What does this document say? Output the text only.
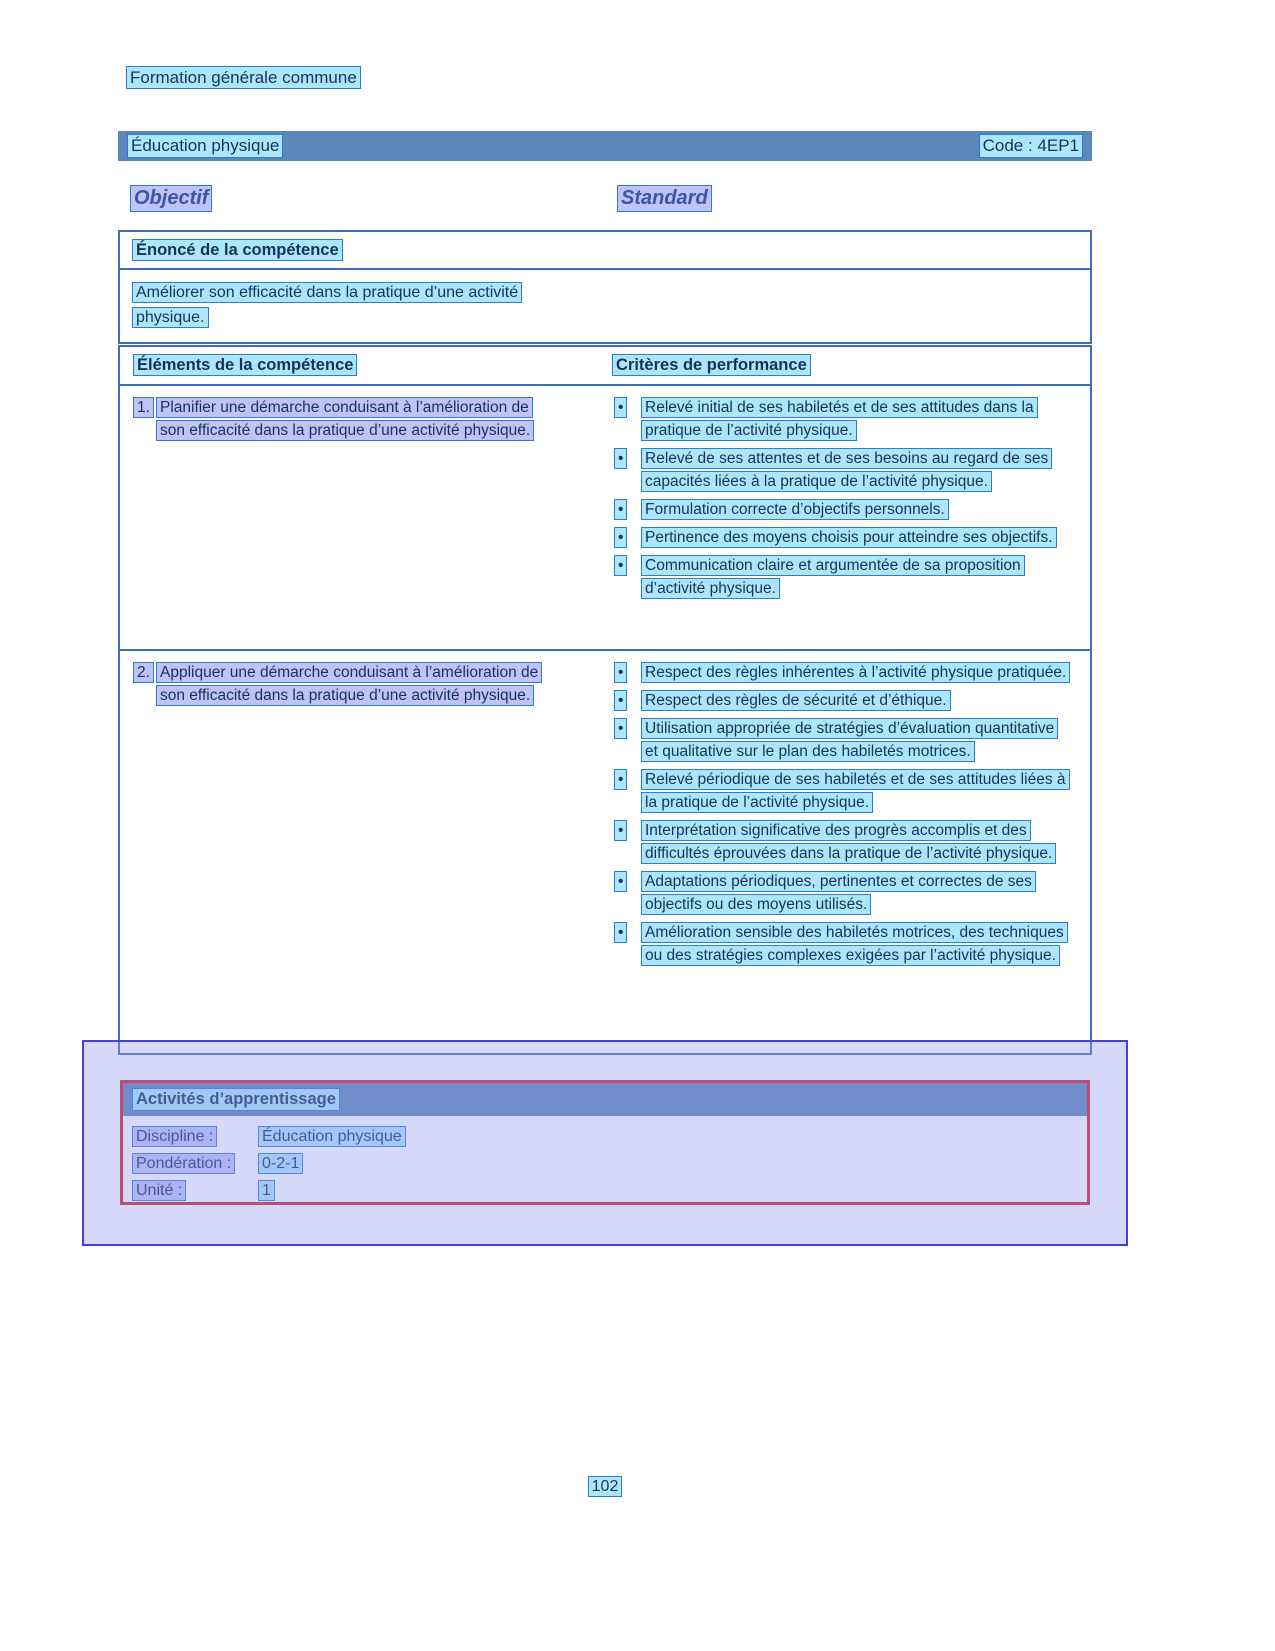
Formation générale commune
Éducation physique	Code : 4EP1
Objectif	Standard
Énoncé de la compétence
Améliorer son efficacité dans la pratique d’une activité physique.
Éléments de la compétence	Critères de performance
1. Planifier une démarche conduisant à l’amélioration de son efficacité dans la pratique d’une activité physique.
•	Relevé initial de ses habiletés et de ses attitudes dans la pratique de l’activité physique.
•	Relevé de ses attentes et de ses besoins au regard de ses capacités liées à la pratique de l’activité physique.
•	Formulation correcte d’objectifs personnels.
•	Pertinence des moyens choisis pour atteindre ses objectifs.
•	Communication claire et argumentée de sa proposition d’activité physique.
2. Appliquer une démarche conduisant à l’amélioration de son efficacité dans la pratique d’une activité physique.
•	Respect des règles inhérentes à l’activité physique pratiquée.
•	Respect des règles de sécurité et d’éthique.
•	Utilisation appropriée de stratégies d’évaluation quantitative et qualitative sur le plan des habiletés motrices.
•	Relevé périodique de ses habiletés et de ses attitudes liées à la pratique de l’activité physique.
•	Interprétation significative des progrès accomplis et des difficultés éprouvées dans la pratique de l’activité physique.
•	Adaptations périodiques, pertinentes et correctes de ses objectifs ou des moyens utilisés.
•	Amélioration sensible des habiletés motrices, des techniques ou des stratégies complexes exigées par l’activité physique.
Activités d’apprentissage
Discipline :	Éducation physique
Pondération :	0-2-1
Unité :	1
102
